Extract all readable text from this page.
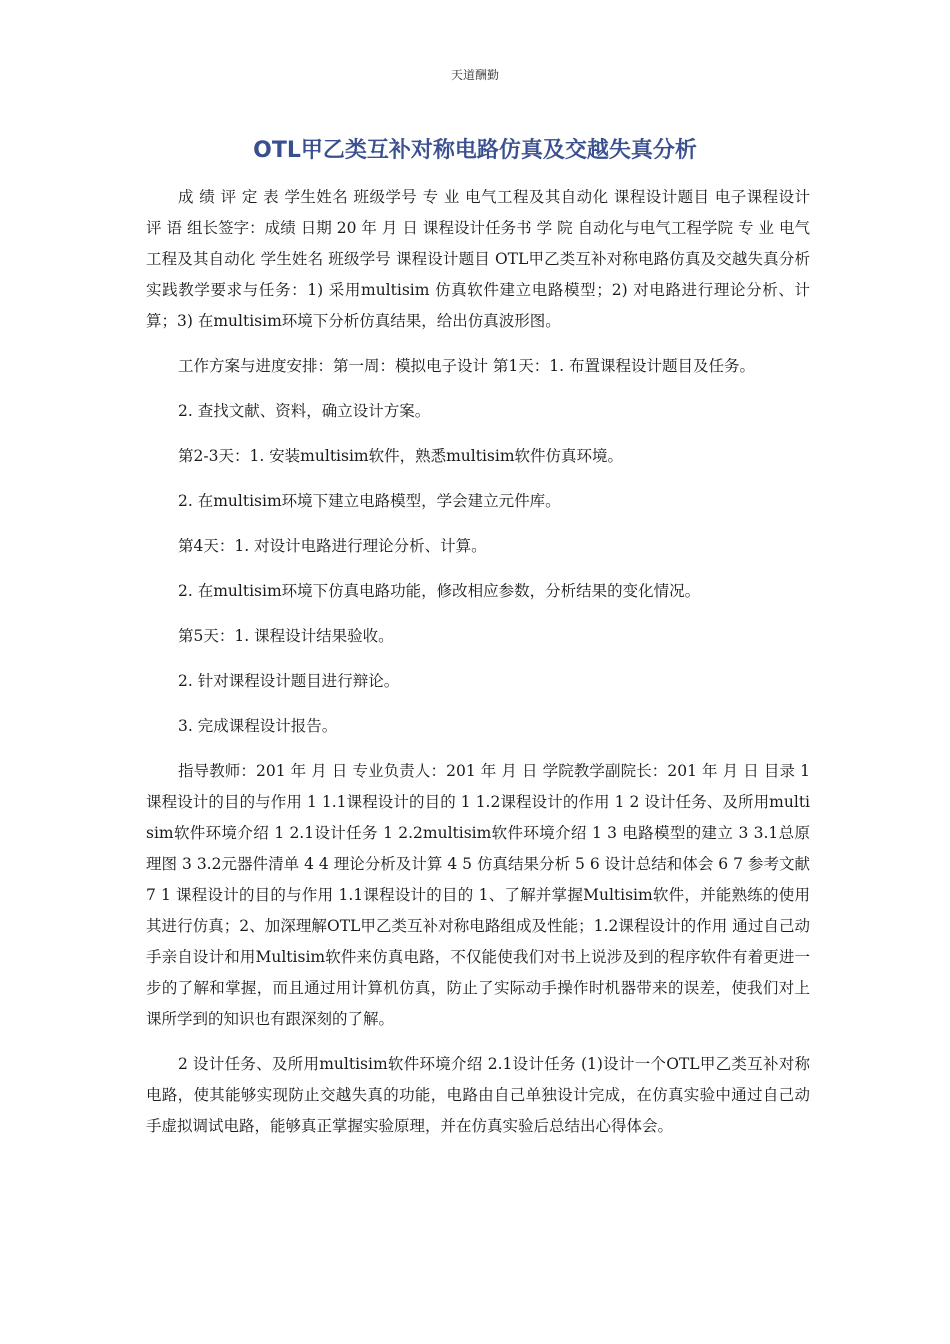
天道酬勤
OTL甲乙类互补对称电路仿真及交越失真分析

成 绩 评 定 表 学生姓名 班级学号 专 业 电气工程及其自动化 课程设计题目 电子课程设计 评 语 组长签字：成绩 日期 20 年 月 日 课程设计任务书 学 院 自动化与电气工程学院 专 业 电气工程及其自动化 学生姓名 班级学号 课程设计题目 OTL甲乙类互补对称电路仿真及交越失真分析 实践教学要求与任务：1) 采用multisim 仿真软件建立电路模型；2) 对电路进行理论分析、计算；3) 在multisim环境下分析仿真结果，给出仿真波形图。

工作方案与进度安排：第一周：模拟电子设计 第1天：1. 布置课程设计题目及任务。

2. 查找文献、资料，确立设计方案。

第2-3天：1. 安装multisim软件，熟悉multisim软件仿真环境。

2. 在multisim环境下建立电路模型，学会建立元件库。

第4天：1. 对设计电路进行理论分析、计算。

2. 在multisim环境下仿真电路功能，修改相应参数，分析结果的变化情况。

第5天：1. 课程设计结果验收。

2. 针对课程设计题目进行辩论。

3. 完成课程设计报告。

指导教师：201 年 月 日 专业负责人：201 年 月 日 学院教学副院长：201 年 月 日 目录 1 课程设计的目的与作用 1 1.1课程设计的目的 1 1.2课程设计的作用 1 2 设计任务、及所用multisim软件环境介绍 1 2.1设计任务 1 2.2multisim软件环境介绍 1 3 电路模型的建立 3 3.1总原理图 3 3.2元器件清单 4 4 理论分析及计算 4 5 仿真结果分析 5 6 设计总结和体会 6 7 参考文献 7 1 课程设计的目的与作用 1.1课程设计的目的 1、了解并掌握Multisim软件，并能熟练的使用其进行仿真；2、加深理解OTL甲乙类互补对称电路组成及性能；1.2课程设计的作用 通过自己动手亲自设计和用Multisim软件来仿真电路，不仅能使我们对书上说涉及到的程序软件有着更进一步的了解和掌握，而且通过用计算机仿真，防止了实际动手操作时机器带来的误差，使我们对上课所学到的知识也有跟深刻的了解。

2 设计任务、及所用multisim软件环境介绍 2.1设计任务 (1)设计一个OTL甲乙类互补对称电路，使其能够实现防止交越失真的功能，电路由自己单独设计完成，在仿真实验中通过自己动手虚拟调试电路，能够真正掌握实验原理，并在仿真实验后总结出心得体会。
